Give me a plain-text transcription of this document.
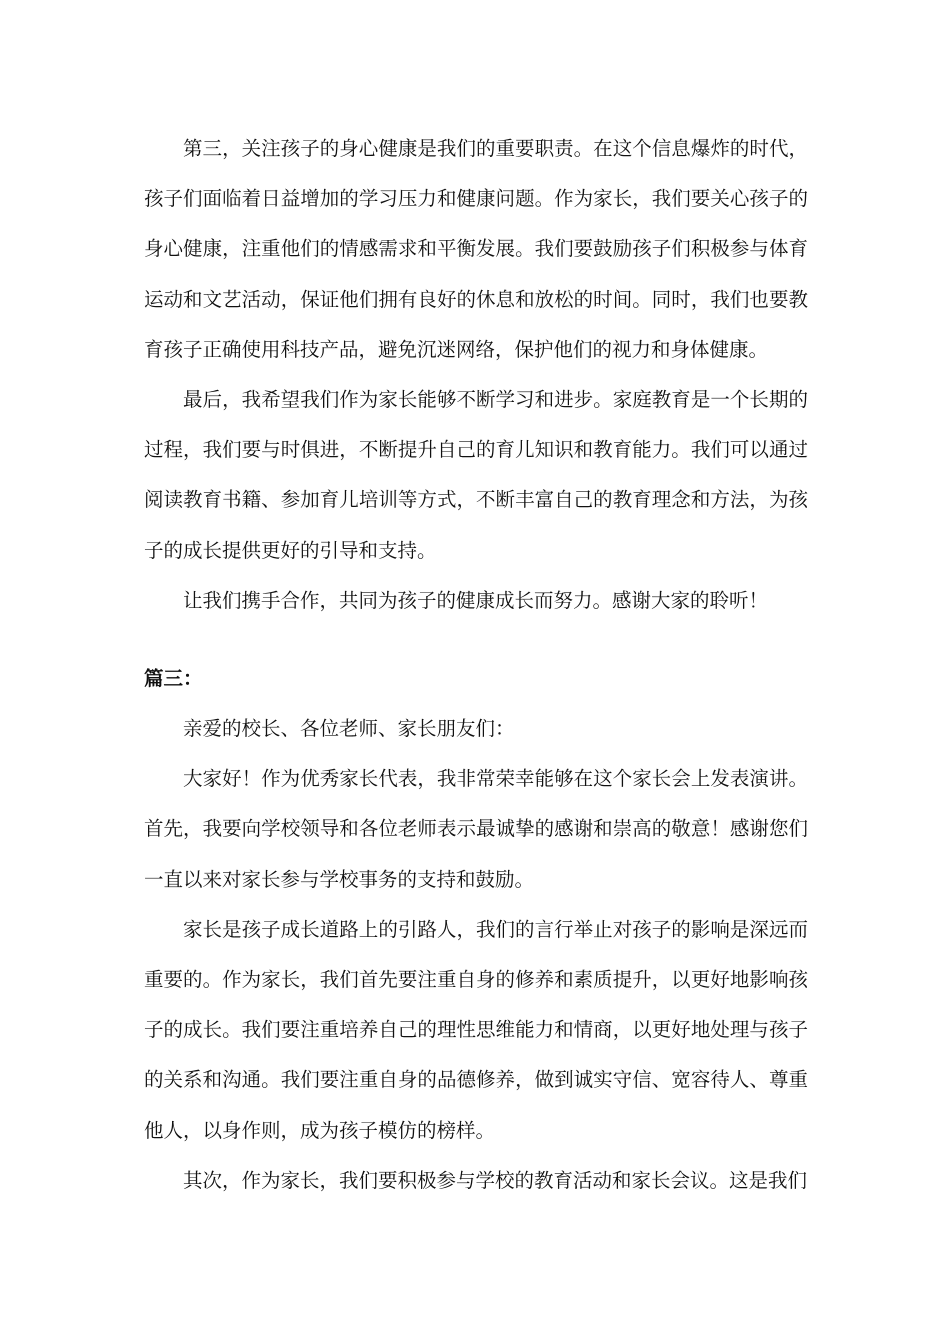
第三，关注孩子的身心健康是我们的重要职责。在这个信息爆炸的时代，孩子们面临着日益增加的学习压力和健康问题。作为家长，我们要关心孩子的身心健康，注重他们的情感需求和平衡发展。我们要鼓励孩子们积极参与体育运动和文艺活动，保证他们拥有良好的休息和放松的时间。同时，我们也要教育孩子正确使用科技产品，避免沉迷网络，保护他们的视力和身体健康。

最后，我希望我们作为家长能够不断学习和进步。家庭教育是一个长期的过程，我们要与时俱进，不断提升自己的育儿知识和教育能力。我们可以通过阅读教育书籍、参加育儿培训等方式，不断丰富自己的教育理念和方法，为孩子的成长提供更好的引导和支持。

让我们携手合作，共同为孩子的健康成长而努力。感谢大家的聆听！

篇三：

亲爱的校长、各位老师、家长朋友们：

大家好！作为优秀家长代表，我非常荣幸能够在这个家长会上发表演讲。首先，我要向学校领导和各位老师表示最诚挚的感谢和崇高的敬意！感谢您们一直以来对家长参与学校事务的支持和鼓励。

家长是孩子成长道路上的引路人，我们的言行举止对孩子的影响是深远而重要的。作为家长，我们首先要注重自身的修养和素质提升，以更好地影响孩子的成长。我们要注重培养自己的理性思维能力和情商，以更好地处理与孩子的关系和沟通。我们要注重自身的品德修养，做到诚实守信、宽容待人、尊重他人，以身作则，成为孩子模仿的榜样。

其次，作为家长，我们要积极参与学校的教育活动和家长会议。这是我们
